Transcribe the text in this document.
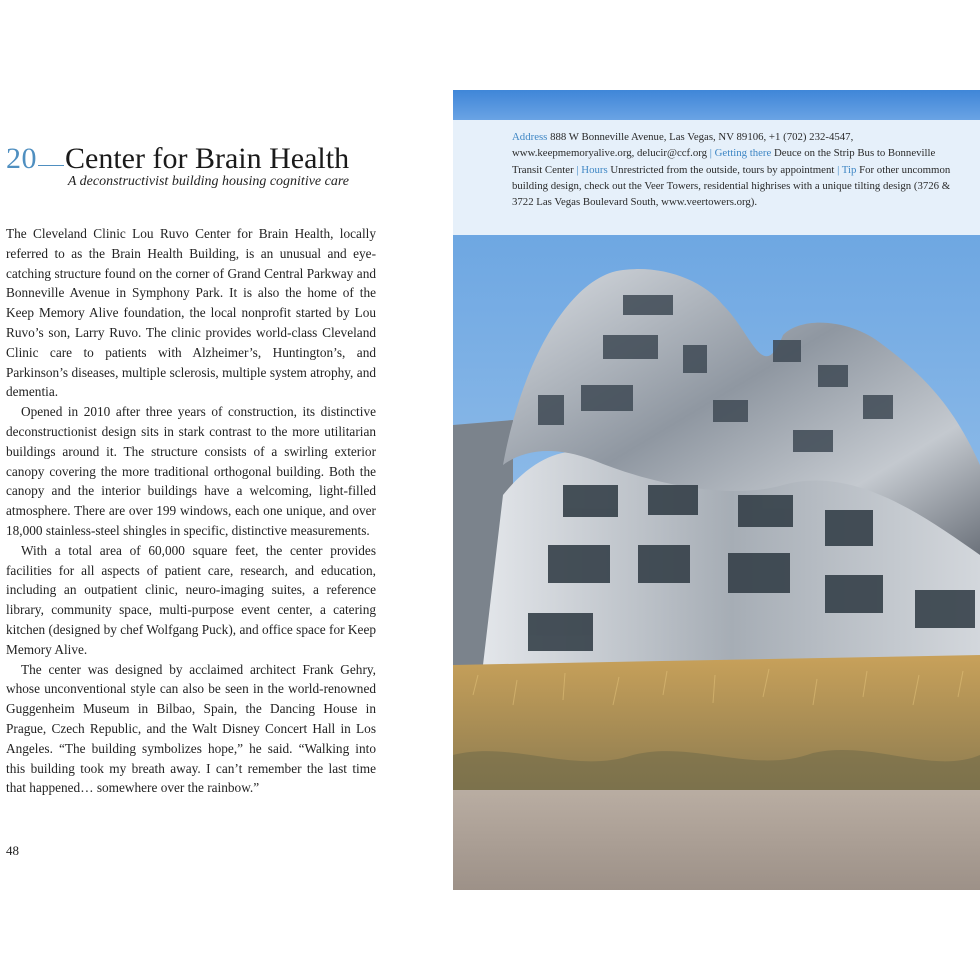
20 Center for Brain Health
A deconstructivist building housing cognitive care

The Cleveland Clinic Lou Ruvo Center for Brain Health, locally referred to as the Brain Health Building, is an unusual and eye-catching structure found on the corner of Grand Central Parkway and Bonneville Avenue in Symphony Park. It is also the home of the Keep Memory Alive foundation, the local nonprofit started by Lou Ruvo’s son, Larry Ruvo. The clinic provides world-class Cleveland Clinic care to patients with Alzheimer’s, Huntington’s, and Parkinson’s diseases, multiple sclerosis, multiple system atrophy, and dementia.

Opened in 2010 after three years of construction, its distinctive deconstructionist design sits in stark contrast to the more utilitarian buildings around it. The structure consists of a swirling exterior canopy covering the more traditional orthogonal building. Both the canopy and the interior buildings have a welcoming, light-filled atmosphere. There are over 199 windows, each one unique, and over 18,000 stainless-steel shingles in specific, distinctive measurements.

With a total area of 60,000 square feet, the center provides facilities for all aspects of patient care, research, and education, including an outpatient clinic, neuro-imaging suites, a reference library, community space, multi-purpose event center, a catering kitchen (designed by chef Wolfgang Puck), and office space for Keep Memory Alive.

The center was designed by acclaimed architect Frank Gehry, whose unconventional style can also be seen in the world-renowned Guggenheim Museum in Bilbao, Spain, the Dancing House in Prague, Czech Republic, and the Walt Disney Concert Hall in Los Angeles. “The building symbolizes hope,” he said. “Walking into this building took my breath away. I can’t remember the last time that happened… somewhere over the rainbow.”

48
Address 888 W Bonneville Avenue, Las Vegas, NV 89106, +1 (702) 232-4547, www.keepmemoryalive.org, delucir@ccf.org | Getting there Deuce on the Strip Bus to Bonneville Transit Center | Hours Unrestricted from the outside, tours by appointment | Tip For other uncommon building design, check out the Veer Towers, residential highrises with a unique tilting design (3726 & 3722 Las Vegas Boulevard South, www.veertowers.org).
